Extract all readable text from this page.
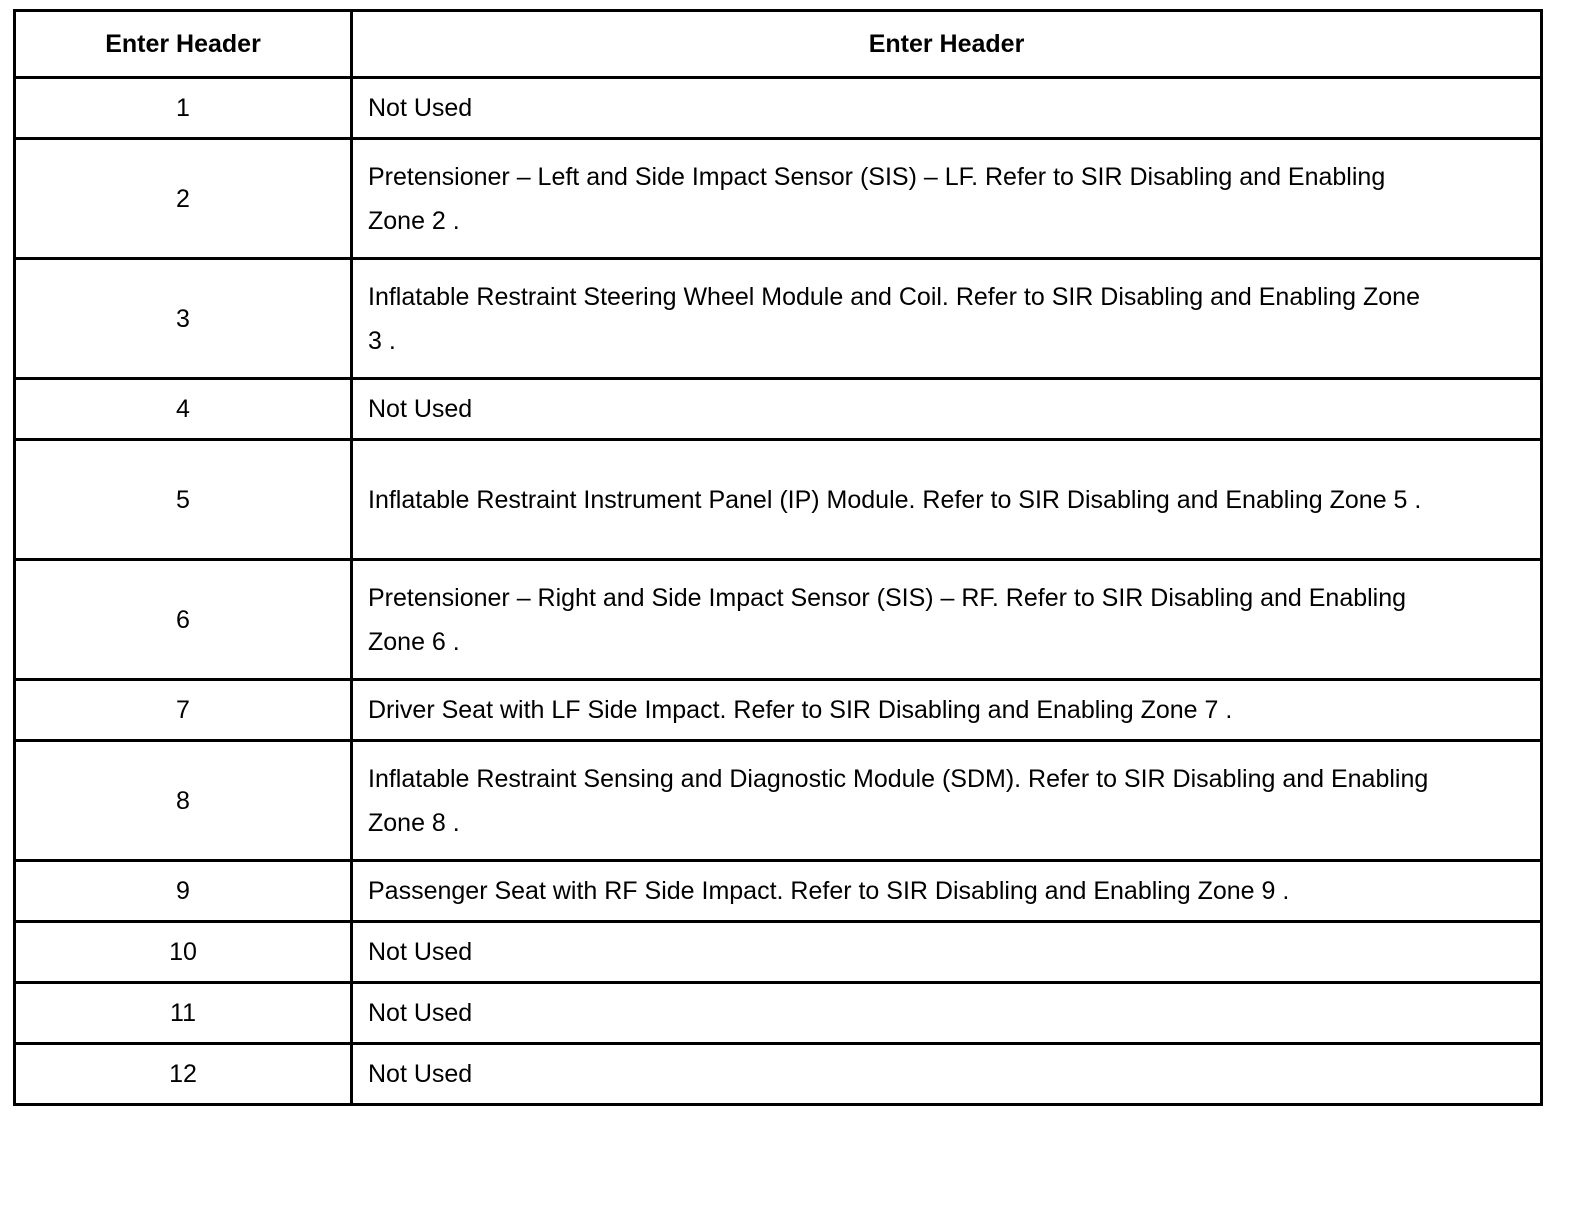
Enter Header	Enter Header
1	Not Used
2	Pretensioner – Left and Side Impact Sensor (SIS) – LF. Refer to SIR Disabling and Enabling Zone 2 .
3	Inflatable Restraint Steering Wheel Module and Coil. Refer to SIR Disabling and Enabling Zone 3 .
4	Not Used
5	Inflatable Restraint Instrument Panel (IP) Module. Refer to SIR Disabling and Enabling Zone 5 .
6	Pretensioner – Right and Side Impact Sensor (SIS) – RF. Refer to SIR Disabling and Enabling Zone 6 .
7	Driver Seat with LF Side Impact. Refer to SIR Disabling and Enabling Zone 7 .
8	Inflatable Restraint Sensing and Diagnostic Module (SDM). Refer to SIR Disabling and Enabling Zone 8 .
9	Passenger Seat with RF Side Impact. Refer to SIR Disabling and Enabling Zone 9 .
10	Not Used
11	Not Used
12	Not Used
